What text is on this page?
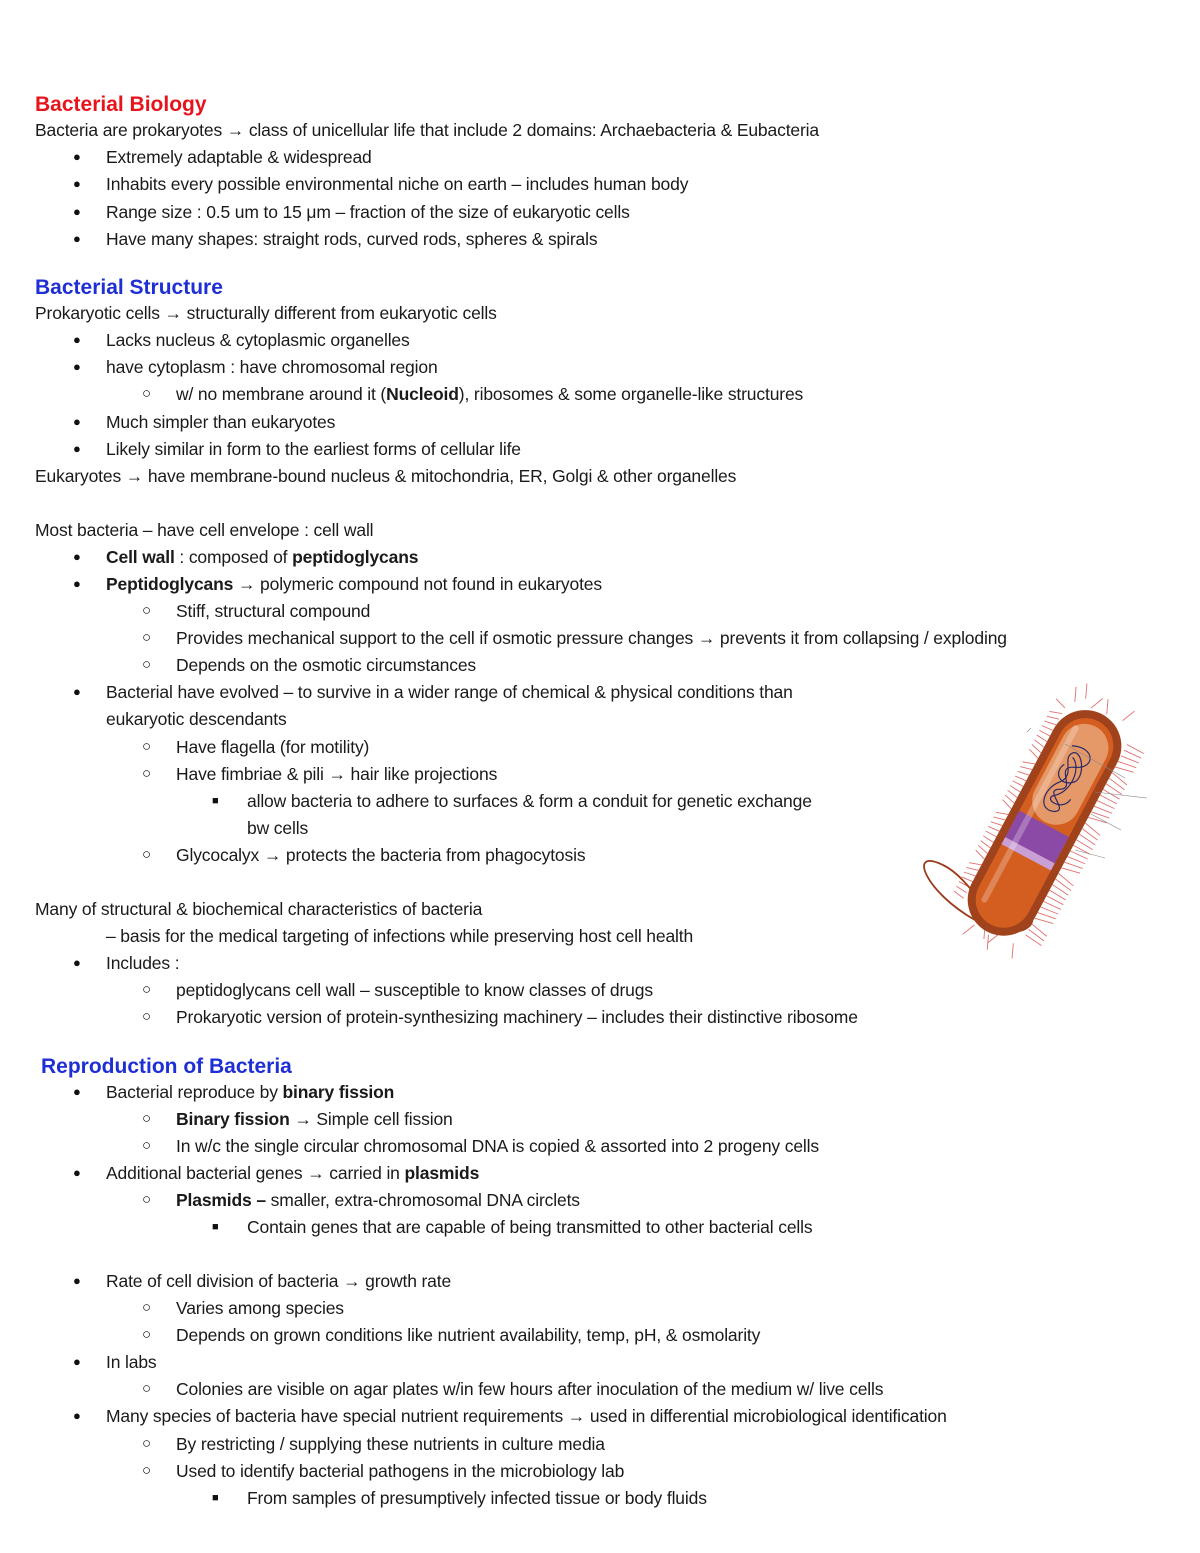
Bacterial Biology
Bacteria are prokaryotes → class of unicellular life that include 2 domains: Archaebacteria & Eubacteria
● Extremely adaptable & widespread
● Inhabits every possible environmental niche on earth – includes human body
● Range size : 0.5 um to 15 μm – fraction of the size of eukaryotic cells
● Have many shapes: straight rods, curved rods, spheres & spirals
Bacterial Structure
Prokaryotic cells → structurally different from eukaryotic cells
● Lacks nucleus & cytoplasmic organelles
● have cytoplasm : have chromosomal region
○ w/ no membrane around it (Nucleoid), ribosomes & some organelle-like structures
● Much simpler than eukaryotes
● Likely similar in form to the earliest forms of cellular life
Eukaryotes → have membrane-bound nucleus & mitochondria, ER, Golgi & other organelles
Most bacteria – have cell envelope : cell wall
● Cell wall : composed of peptidoglycans
● Peptidoglycans → polymeric compound not found in eukaryotes
○ Stiff, structural compound
○ Provides mechanical support to the cell if osmotic pressure changes → prevents it from collapsing / exploding
○ Depends on the osmotic circumstances
● Bacterial have evolved – to survive in a wider range of chemical & physical conditions than
eukaryotic descendants
○ Have flagella (for motility)
○ Have fimbriae & pili → hair like projections
■ allow bacteria to adhere to surfaces & form a conduit for genetic exchange
bw cells
○ Glycocalyx → protects the bacteria from phagocytosis
Many of structural & biochemical characteristics of bacteria
– basis for the medical targeting of infections while preserving host cell health
● Includes :
○ peptidoglycans cell wall – susceptible to know classes of drugs
○ Prokaryotic version of protein-synthesizing machinery – includes their distinctive ribosome
Reproduction of Bacteria
● Bacterial reproduce by binary fission
○ Binary fission → Simple cell fission
○ In w/c the single circular chromosomal DNA is copied & assorted into 2 progeny cells
● Additional bacterial genes → carried in plasmids
○ Plasmids – smaller, extra-chromosomal DNA circlets
■ Contain genes that are capable of being transmitted to other bacterial cells
● Rate of cell division of bacteria → growth rate
○ Varies among species
○ Depends on grown conditions like nutrient availability, temp, pH, & osmolarity
● In labs
○ Colonies are visible on agar plates w/in few hours after inoculation of the medium w/ live cells
● Many species of bacteria have special nutrient requirements → used in differential microbiological identification
○ By restricting / supplying these nutrients in culture media
○ Used to identify bacterial pathogens in the microbiology lab
■ From samples of presumptively infected tissue or body fluids
